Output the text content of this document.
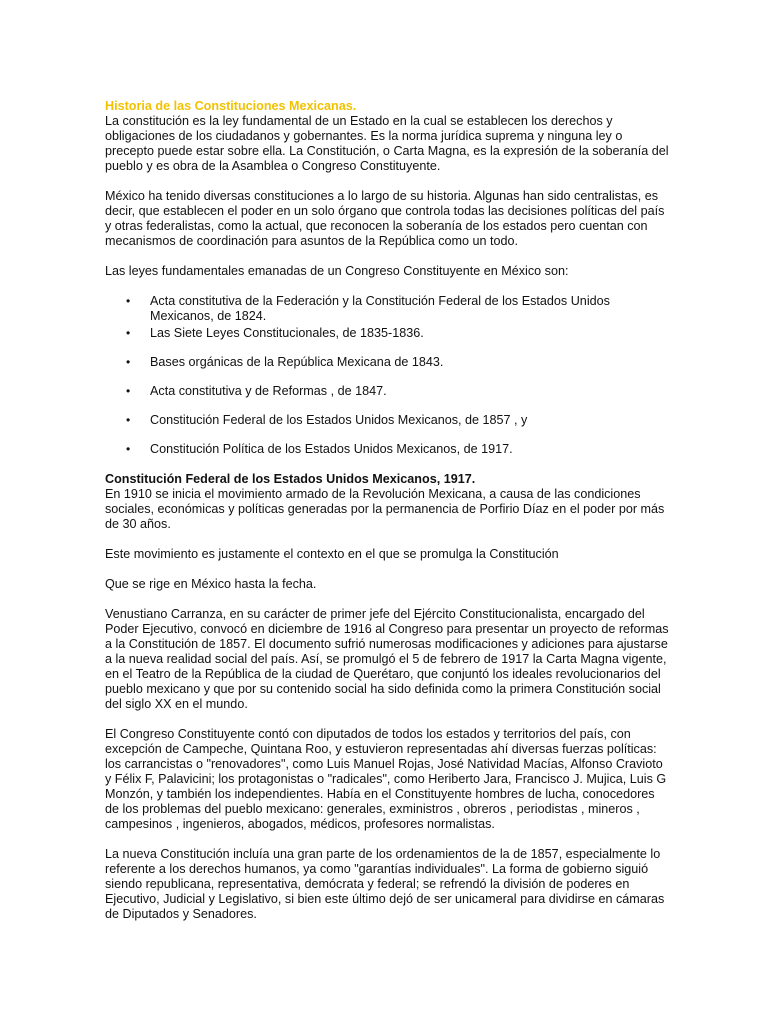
Historia de las Constituciones Mexicanas.

La constitución es la ley fundamental de un Estado en la cual se establecen los derechos y obligaciones de los ciudadanos y gobernantes. Es la norma jurídica suprema y ninguna ley o precepto puede estar sobre ella. La Constitución, o Carta Magna, es la expresión de la soberanía del pueblo y es obra de la Asamblea o Congreso Constituyente.

México ha tenido diversas constituciones a lo largo de su historia. Algunas han sido centralistas, es decir, que establecen el poder en un solo órgano que controla todas las decisiones políticas del país y otras federalistas, como la actual, que reconocen la soberanía de los estados pero cuentan con mecanismos de coordinación para asuntos de la República como un todo.

Las leyes fundamentales emanadas de un Congreso Constituyente en México son:

• Acta constitutiva de la Federación y la Constitución Federal de los Estados Unidos Mexicanos, de 1824.
• Las Siete Leyes Constitucionales, de 1835-1836.
• Bases orgánicas de la República Mexicana de 1843.
• Acta constitutiva y de Reformas , de 1847.
• Constitución Federal de los Estados Unidos Mexicanos, de 1857 , y
• Constitución Política de los Estados Unidos Mexicanos, de 1917.
Constitución Federal de los Estados Unidos Mexicanos, 1917.

En 1910 se inicia el movimiento armado de la Revolución Mexicana, a causa de las condiciones sociales, económicas y políticas generadas por la permanencia de Porfirio Díaz en el poder por más de 30 años.

Este movimiento es justamente el contexto en el que se promulga la Constitución

Que se rige en México hasta la fecha.

Venustiano Carranza, en su carácter de primer jefe del Ejército Constitucionalista, encargado del Poder Ejecutivo, convocó en diciembre de 1916 al Congreso para presentar un proyecto de reformas a la Constitución de 1857. El documento sufrió numerosas modificaciones y adiciones para ajustarse a la nueva realidad social del país. Así, se promulgó el 5 de febrero de 1917 la Carta Magna vigente, en el Teatro de la República de la ciudad de Querétaro, que conjuntó los ideales revolucionarios del pueblo mexicano y que por su contenido social ha sido definida como la primera Constitución social del siglo XX en el mundo.

El Congreso Constituyente contó con diputados de todos los estados y territorios del país, con excepción de Campeche, Quintana Roo, y estuvieron representadas ahí diversas fuerzas políticas: los carrancistas o "renovadores", como Luis Manuel Rojas, José Natividad Macías, Alfonso Cravioto y Félix F, Palavicini; los protagonistas o "radicales", como Heriberto Jara, Francisco J. Mujica, Luis G Monzón, y también los independientes. Había en el Constituyente hombres de lucha, conocedores de los problemas del pueblo mexicano: generales, exministros , obreros , periodistas , mineros , campesinos , ingenieros, abogados, médicos, profesores normalistas.

La nueva Constitución incluía una gran parte de los ordenamientos de la de 1857, especialmente lo referente a los derechos humanos, ya como "garantías individuales". La forma de gobierno siguió siendo republicana, representativa, demócrata y federal; se refrendó la división de poderes en Ejecutivo, Judicial y Legislativo, si bien este último dejó de ser unicameral para dividirse en cámaras de Diputados y Senadores.
